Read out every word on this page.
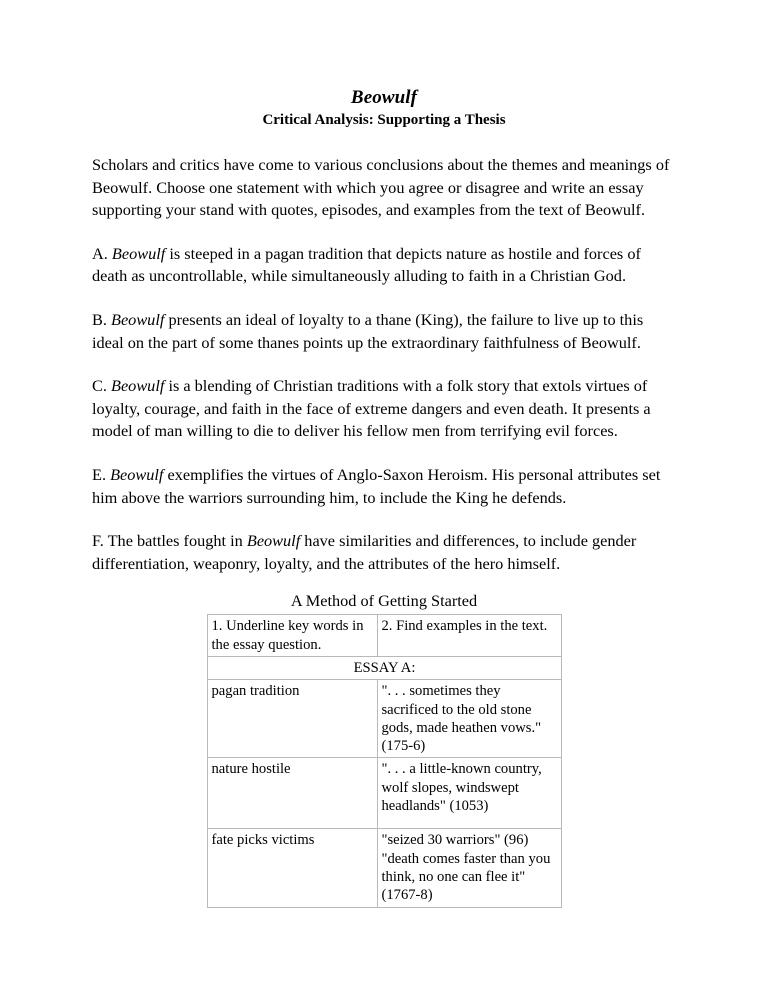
Beowulf
Critical Analysis: Supporting a Thesis

Scholars and critics have come to various conclusions about the themes and meanings of Beowulf. Choose one statement with which you agree or disagree and write an essay supporting your stand with quotes, episodes, and examples from the text of Beowulf.

A. Beowulf is steeped in a pagan tradition that depicts nature as hostile and forces of death as uncontrollable, while simultaneously alluding to faith in a Christian God.

B. Beowulf presents an ideal of loyalty to a thane (King), the failure to live up to this ideal on the part of some thanes points up the extraordinary faithfulness of Beowulf.

C. Beowulf is a blending of Christian traditions with a folk story that extols virtues of loyalty, courage, and faith in the face of extreme dangers and even death. It presents a model of man willing to die to deliver his fellow men from terrifying evil forces.

E. Beowulf exemplifies the virtues of Anglo-Saxon Heroism. His personal attributes set him above the warriors surrounding him, to include the King he defends.

F. The battles fought in Beowulf have similarities and differences, to include gender differentiation, weaponry, loyalty, and the attributes of the hero himself.

A Method of Getting Started
1. Underline key words in the essay question.	2. Find examples in the text.
ESSAY A:	
pagan tradition	". . . sometimes they sacrificed to the old stone gods, made heathen vows." (175-6)
nature hostile	". . . a little-known country, wolf slopes, windswept headlands" (1053)
fate picks victims	"seized 30 warriors" (96) "death comes faster than you think, no one can flee it" (1767-8)
